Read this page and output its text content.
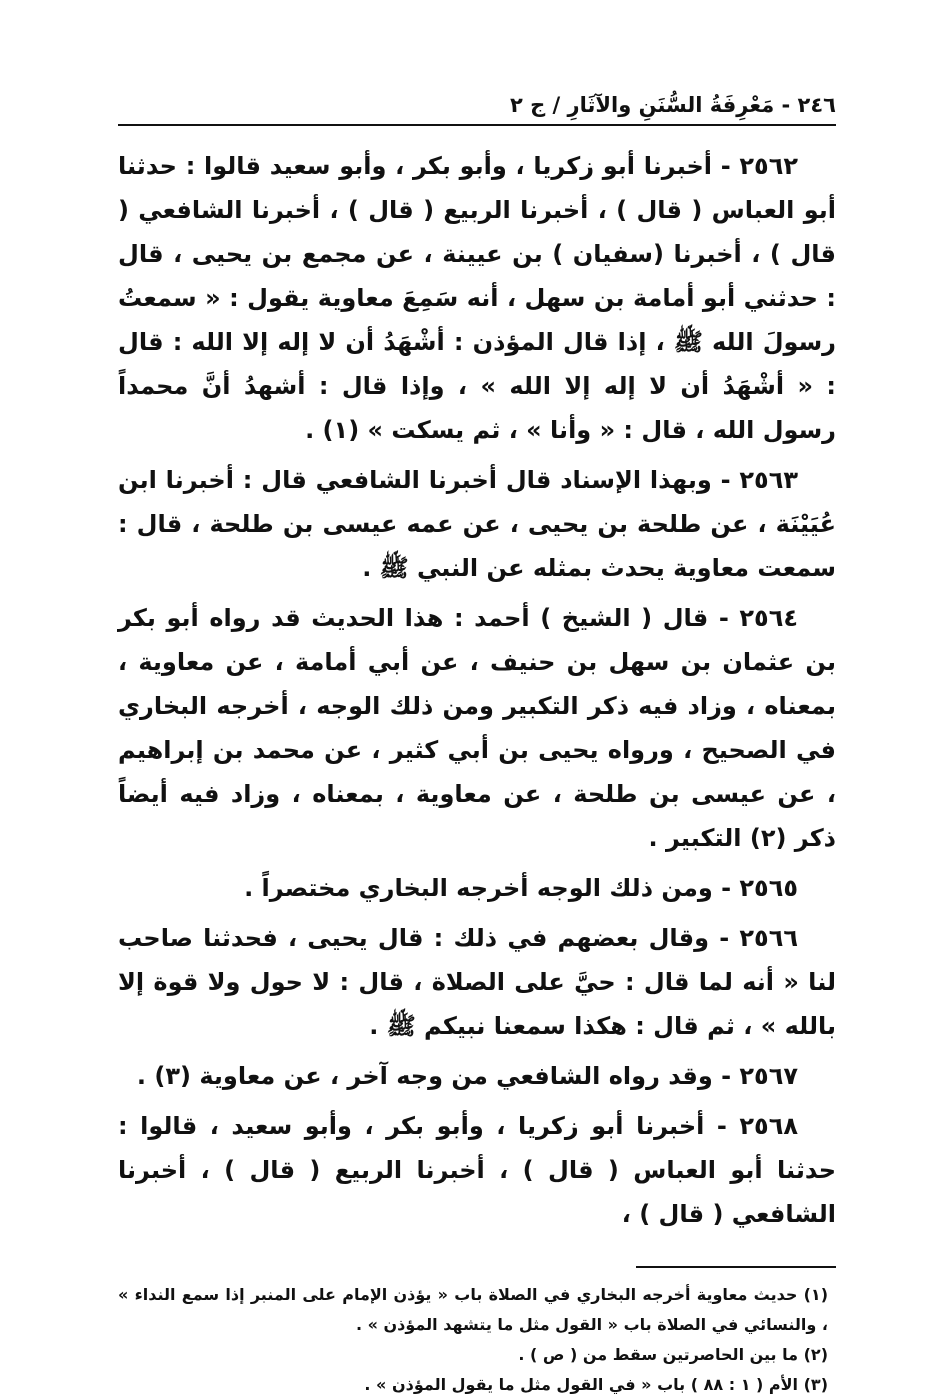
٢٤٦ - مَعْرِفَةُ السُّنَنِ والآثَارِ / ج ٢

٢٥٦٢ - أخبرنا أبو زكريا ، وأبو بكر ، وأبو سعيد قالوا : حدثنا أبو العباس ( قال ) ، أخبرنا الربيع ( قال ) ، أخبرنا الشافعي ( قال ) ، أخبرنا (سفيان ) بن عيينة ، عن مجمع بن يحيى ، قال : حدثني أبو أمامة بن سهل ، أنه سَمِعَ معاوية يقول : « سمعتُ رسولَ الله ﷺ ، إذا قال المؤذن : أشْهَدُ أن لا إله إلا الله : قال : « أشْهَدُ أن لا إله إلا الله » ، وإذا قال : أشهدُ أنَّ محمداً رسول الله ، قال : « وأنا » ، ثم يسكت » (١) .

٢٥٦٣ - وبهذا الإسناد قال أخبرنا الشافعي قال : أخبرنا ابن عُيَيْنَة ، عن طلحة بن يحيى ، عن عمه عيسى بن طلحة ، قال : سمعت معاوية يحدث بمثله عن النبي ﷺ .

٢٥٦٤ - قال ( الشيخ ) أحمد : هذا الحديث قد رواه أبو بكر بن عثمان بن سهل بن حنيف ، عن أبي أمامة ، عن معاوية ، بمعناه ، وزاد فيه ذكر التكبير ومن ذلك الوجه ، أخرجه البخاري في الصحيح ، ورواه يحيى بن أبي كثير ، عن محمد بن إبراهيم ، عن عيسى بن طلحة ، عن معاوية ، بمعناه ، وزاد فيه أيضاً ذكر (٢) التكبير .

٢٥٦٥ - ومن ذلك الوجه أخرجه البخاري مختصراً .

٢٥٦٦ - وقال بعضهم في ذلك : قال يحيى ، فحدثنا صاحب لنا « أنه لما قال : حيَّ على الصلاة ، قال : لا حول ولا قوة إلا بالله » ، ثم قال : هكذا سمعنا نبيكم ﷺ .

٢٥٦٧ - وقد رواه الشافعي من وجه آخر ، عن معاوية (٣) .

٢٥٦٨ - أخبرنا أبو زكريا ، وأبو بكر ، وأبو سعيد ، قالوا : حدثنا أبو العباس ( قال ) ، أخبرنا الربيع ( قال ) ، أخبرنا الشافعي ( قال ) ،

(١) حديث معاوية أخرجه البخاري في الصلاة باب « يؤذن الإمام على المنبر إذا سمع النداء » ، والنسائي في الصلاة باب « القول مثل ما يتشهد المؤذن » .

(٢) ما بين الحاصرتين سقط من ( ص ) .

(٣) الأم ( ١ : ٨٨ ) باب « في القول مثل ما يقول المؤذن » .
